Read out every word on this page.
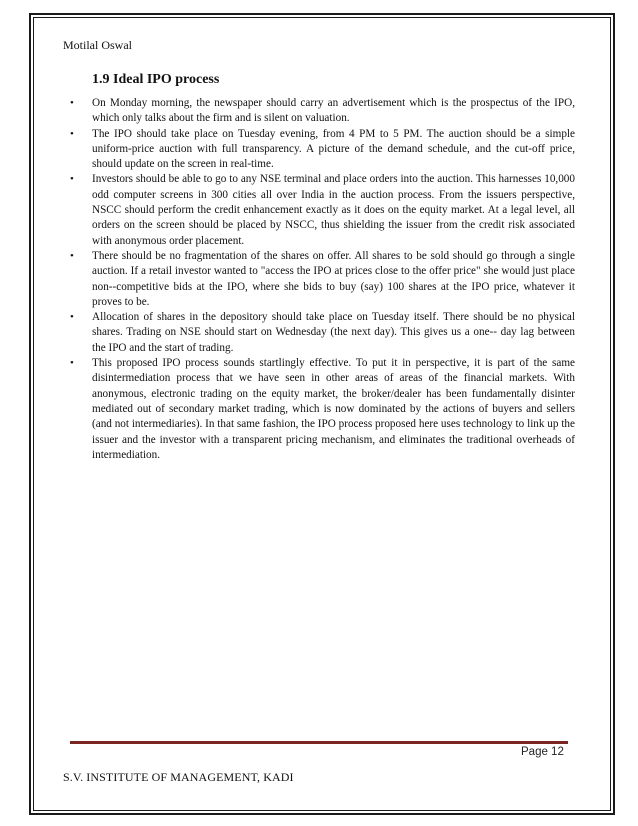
Motilal Oswal
1.9 Ideal IPO process
• On Monday morning, the newspaper should carry an advertisement which is the prospectus of the IPO, which only talks about the firm and is silent on valuation.
• The IPO should take place on Tuesday evening, from 4 PM to 5 PM. The auction should be a simple uniform-price auction with full transparency. A picture of the demand schedule, and the cut-off price, should update on the screen in real-time.
• Investors should be able to go to any NSE terminal and place orders into the auction. This harnesses 10,000 odd computer screens in 300 cities all over India in the auction process. From the issuers perspective, NSCC should perform the credit enhancement exactly as it does on the equity market. At a legal level, all orders on the screen should be placed by NSCC, thus shielding the issuer from the credit risk associated with anonymous order placement.
• There should be no fragmentation of the shares on offer. All shares to be sold should go through a single auction. If a retail investor wanted to "access the IPO at prices close to the offer price" she would just place non--competitive bids at the IPO, where she bids to buy (say) 100 shares at the IPO price, whatever it proves to be.
• Allocation of shares in the depository should take place on Tuesday itself. There should be no physical shares. Trading on NSE should start on Wednesday (the next day). This gives us a one-- day lag between the IPO and the start of trading.
• This proposed IPO process sounds startlingly effective. To put it in perspective, it is part of the same disintermediation process that we have seen in other areas of areas of the financial markets. With anonymous, electronic trading on the equity market, the broker/dealer has been fundamentally disinter mediated out of secondary market trading, which is now dominated by the actions of buyers and sellers (and not intermediaries). In that same fashion, the IPO process proposed here uses technology to link up the issuer and the investor with a transparent pricing mechanism, and eliminates the traditional overheads of intermediation.
Page 12
S.V. INSTITUTE OF MANAGEMENT, KADI
